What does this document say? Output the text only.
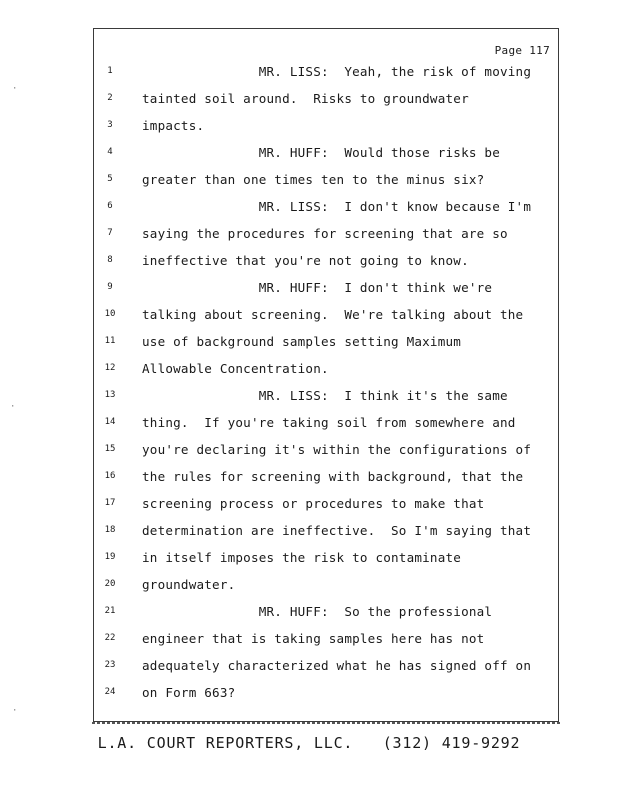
Page 117
1	MR. LISS:  Yeah, the risk of moving
2	tainted soil around.  Risks to groundwater
3	impacts.
4	MR. HUFF:  Would those risks be
5	greater than one times ten to the minus six?
6	MR. LISS:  I don't know because I'm
7	saying the procedures for screening that are so
8	ineffective that you're not going to know.
9	MR. HUFF:  I don't think we're
10	talking about screening.  We're talking about the
11	use of background samples setting Maximum
12	Allowable Concentration.
13	MR. LISS:  I think it's the same
14	thing.  If you're taking soil from somewhere and
15	you're declaring it's within the configurations of
16	the rules for screening with background, that the
17	screening process or procedures to make that
18	determination are ineffective.  So I'm saying that
19	in itself imposes the risk to contaminate
20	groundwater.
21	MR. HUFF:  So the professional
22	engineer that is taking samples here has not
23	adequately characterized what he has signed off on
24	on Form 663?
L.A. COURT REPORTERS, LLC.   (312) 419-9292
·
·
·
